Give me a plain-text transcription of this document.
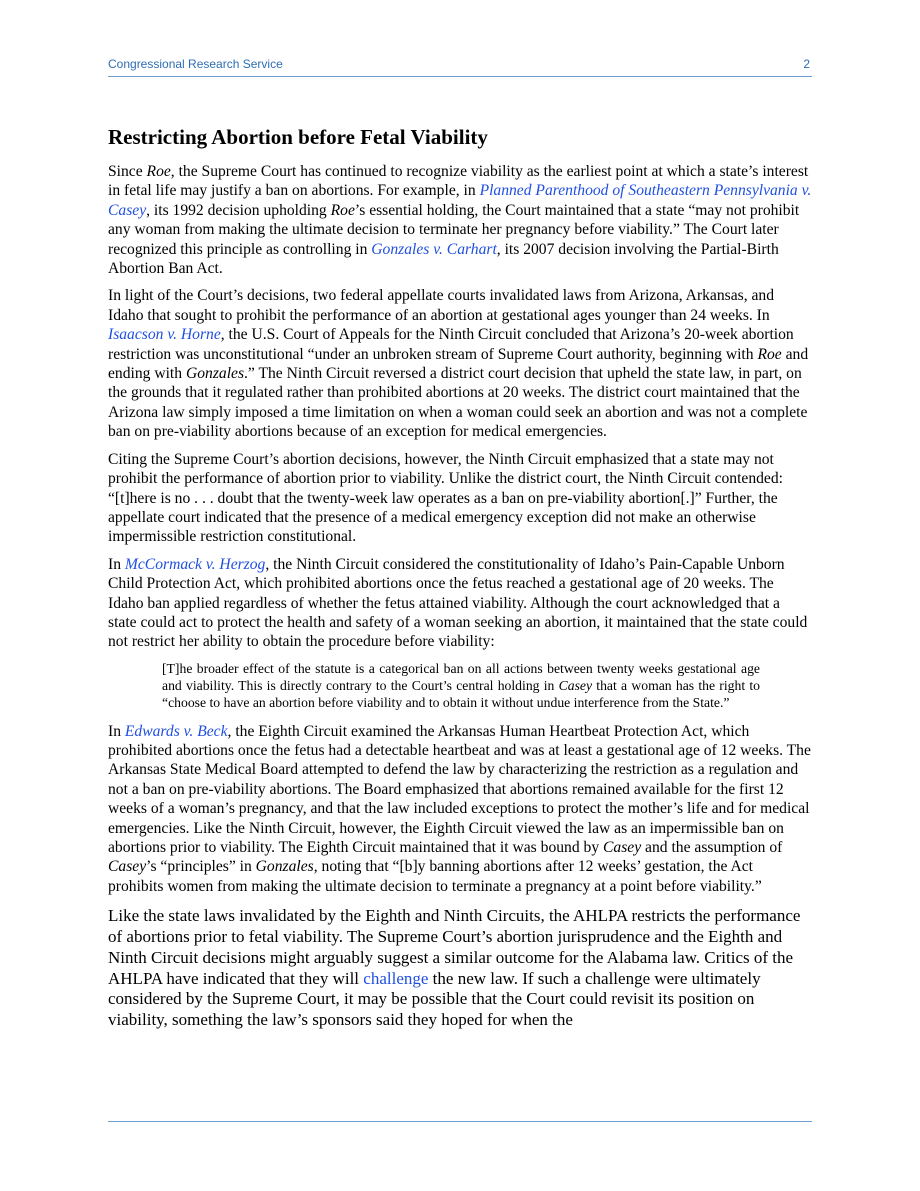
Congressional Research Service	2
Restricting Abortion before Fetal Viability

Since Roe, the Supreme Court has continued to recognize viability as the earliest point at which a state’s interest in fetal life may justify a ban on abortions. For example, in Planned Parenthood of Southeastern Pennsylvania v. Casey, its 1992 decision upholding Roe’s essential holding, the Court maintained that a state “may not prohibit any woman from making the ultimate decision to terminate her pregnancy before viability.” The Court later recognized this principle as controlling in Gonzales v. Carhart, its 2007 decision involving the Partial-Birth Abortion Ban Act.

In light of the Court’s decisions, two federal appellate courts invalidated laws from Arizona, Arkansas, and Idaho that sought to prohibit the performance of an abortion at gestational ages younger than 24 weeks. In Isaacson v. Horne, the U.S. Court of Appeals for the Ninth Circuit concluded that Arizona’s 20-week abortion restriction was unconstitutional “under an unbroken stream of Supreme Court authority, beginning with Roe and ending with Gonzales.” The Ninth Circuit reversed a district court decision that upheld the state law, in part, on the grounds that it regulated rather than prohibited abortions at 20 weeks. The district court maintained that the Arizona law simply imposed a time limitation on when a woman could seek an abortion and was not a complete ban on pre-viability abortions because of an exception for medical emergencies.

Citing the Supreme Court’s abortion decisions, however, the Ninth Circuit emphasized that a state may not prohibit the performance of abortion prior to viability. Unlike the district court, the Ninth Circuit contended: “[t]here is no . . . doubt that the twenty-week law operates as a ban on pre-viability abortion[.]” Further, the appellate court indicated that the presence of a medical emergency exception did not make an otherwise impermissible restriction constitutional.

In McCormack v. Herzog, the Ninth Circuit considered the constitutionality of Idaho’s Pain-Capable Unborn Child Protection Act, which prohibited abortions once the fetus reached a gestational age of 20 weeks. The Idaho ban applied regardless of whether the fetus attained viability. Although the court acknowledged that a state could act to protect the health and safety of a woman seeking an abortion, it maintained that the state could not restrict her ability to obtain the procedure before viability:

[T]he broader effect of the statute is a categorical ban on all actions between twenty weeks gestational age and viability. This is directly contrary to the Court’s central holding in Casey that a woman has the right to “choose to have an abortion before viability and to obtain it without undue interference from the State.”

In Edwards v. Beck, the Eighth Circuit examined the Arkansas Human Heartbeat Protection Act, which prohibited abortions once the fetus had a detectable heartbeat and was at least a gestational age of 12 weeks. The Arkansas State Medical Board attempted to defend the law by characterizing the restriction as a regulation and not a ban on pre-viability abortions. The Board emphasized that abortions remained available for the first 12 weeks of a woman’s pregnancy, and that the law included exceptions to protect the mother’s life and for medical emergencies. Like the Ninth Circuit, however, the Eighth Circuit viewed the law as an impermissible ban on abortions prior to viability. The Eighth Circuit maintained that it was bound by Casey and the assumption of Casey’s “principles” in Gonzales, noting that “[b]y banning abortions after 12 weeks’ gestation, the Act prohibits women from making the ultimate decision to terminate a pregnancy at a point before viability.”

Like the state laws invalidated by the Eighth and Ninth Circuits, the AHLPA restricts the performance of abortions prior to fetal viability. The Supreme Court’s abortion jurisprudence and the Eighth and Ninth Circuit decisions might arguably suggest a similar outcome for the Alabama law. Critics of the AHLPA have indicated that they will challenge the new law. If such a challenge were ultimately considered by the Supreme Court, it may be possible that the Court could revisit its position on viability, something the law’s sponsors said they hoped for when the
